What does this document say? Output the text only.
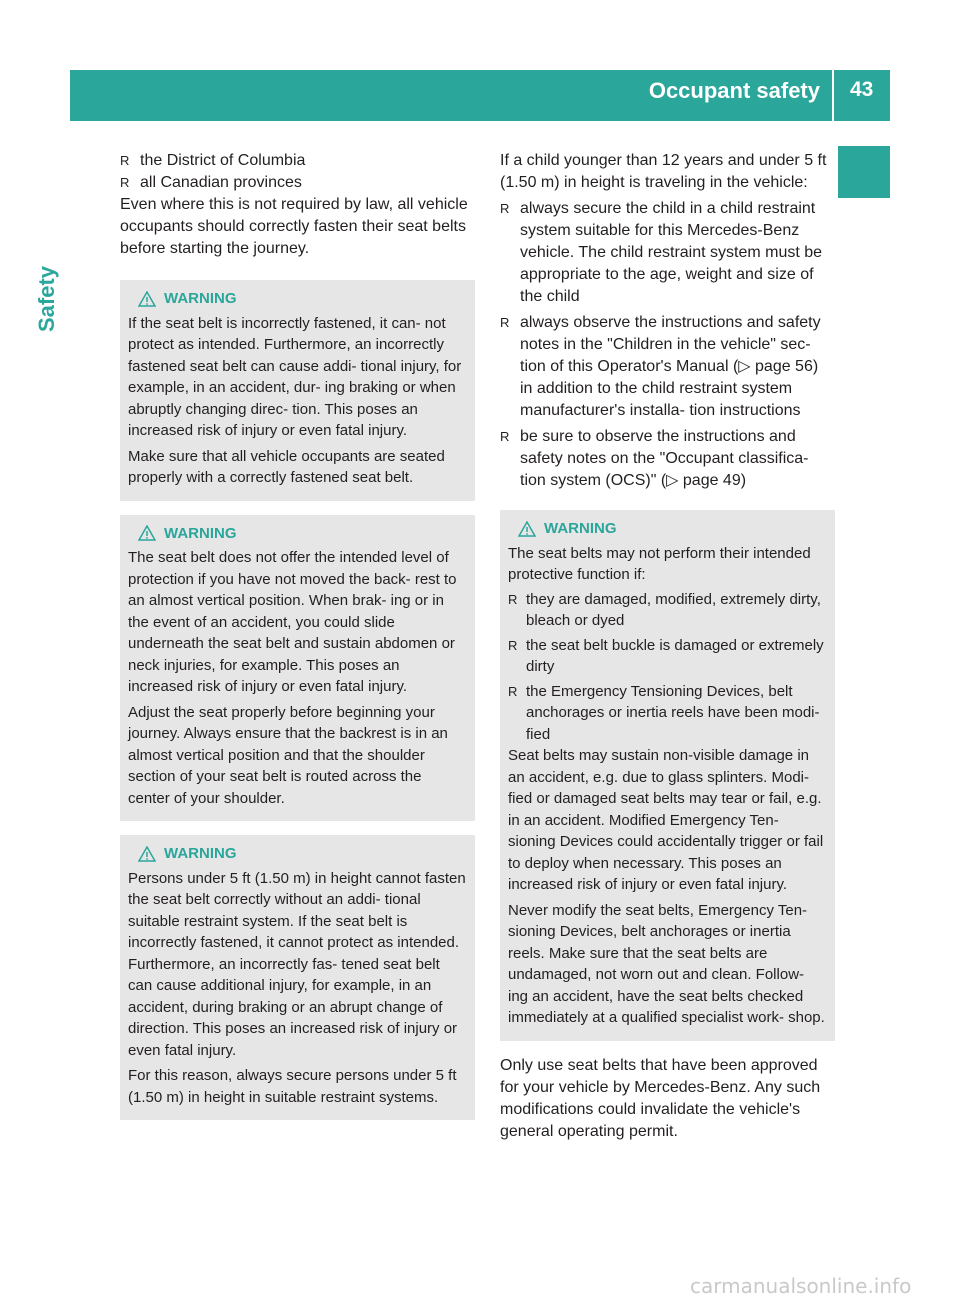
Occupant safety 43
Safety
R the District of Columbia
R all Canadian provinces

Even where this is not required by law, all vehicle occupants should correctly fasten their seat belts before starting the journey.

WARNING

If the seat belt is incorrectly fastened, it can- not protect as intended. Furthermore, an incorrectly fastened seat belt can cause addi- tional injury, for example, in an accident, dur- ing braking or when abruptly changing direc- tion. This poses an increased risk of injury or even fatal injury.

Make sure that all vehicle occupants are seated properly with a correctly fastened seat belt.

WARNING

The seat belt does not offer the intended level of protection if you have not moved the back- rest to an almost vertical position. When brak- ing or in the event of an accident, you could slide underneath the seat belt and sustain abdomen or neck injuries, for example. This poses an increased risk of injury or even fatal injury.

Adjust the seat properly before beginning your journey. Always ensure that the backrest is in an almost vertical position and that the shoulder section of your seat belt is routed across the center of your shoulder.

WARNING

Persons under 5 ft (1.50 m) in height cannot fasten the seat belt correctly without an addi- tional suitable restraint system. If the seat belt is incorrectly fastened, it cannot protect as intended. Furthermore, an incorrectly fas- tened seat belt can cause additional injury, for example, in an accident, during braking or an abrupt change of direction. This poses an increased risk of injury or even fatal injury.

For this reason, always secure persons under 5 ft (1.50 m) in height in suitable restraint systems.

If a child younger than 12 years and under 5 ft (1.50 m) in height is traveling in the vehicle:

R always secure the child in a child restraint system suitable for this Mercedes-Benz vehicle. The child restraint system must be appropriate to the age, weight and size of the child
R always observe the instructions and safety notes in the "Children in the vehicle" sec- tion of this Operator's Manual (▷ page 56) in addition to the child restraint system manufacturer's installa- tion instructions
R be sure to observe the instructions and safety notes on the "Occupant classifica- tion system (OCS)" (▷ page 49)
WARNING

The seat belts may not perform their intended protective function if:

R they are damaged, modified, extremely dirty, bleach or dyed
R the seat belt buckle is damaged or extremely dirty
R the Emergency Tensioning Devices, belt anchorages or inertia reels have been modi- fied

Seat belts may sustain non-visible damage in an accident, e.g. due to glass splinters. Modi- fied or damaged seat belts may tear or fail, e.g. in an accident. Modified Emergency Ten- sioning Devices could accidentally trigger or fail to deploy when necessary. This poses an increased risk of injury or even fatal injury.

Never modify the seat belts, Emergency Ten- sioning Devices, belt anchorages or inertia reels. Make sure that the seat belts are undamaged, not worn out and clean. Follow- ing an accident, have the seat belts checked immediately at a qualified specialist work- shop.

Only use seat belts that have been approved for your vehicle by Mercedes-Benz. Any such modifications could invalidate the vehicle's general operating permit.

carmanualsonline.info
